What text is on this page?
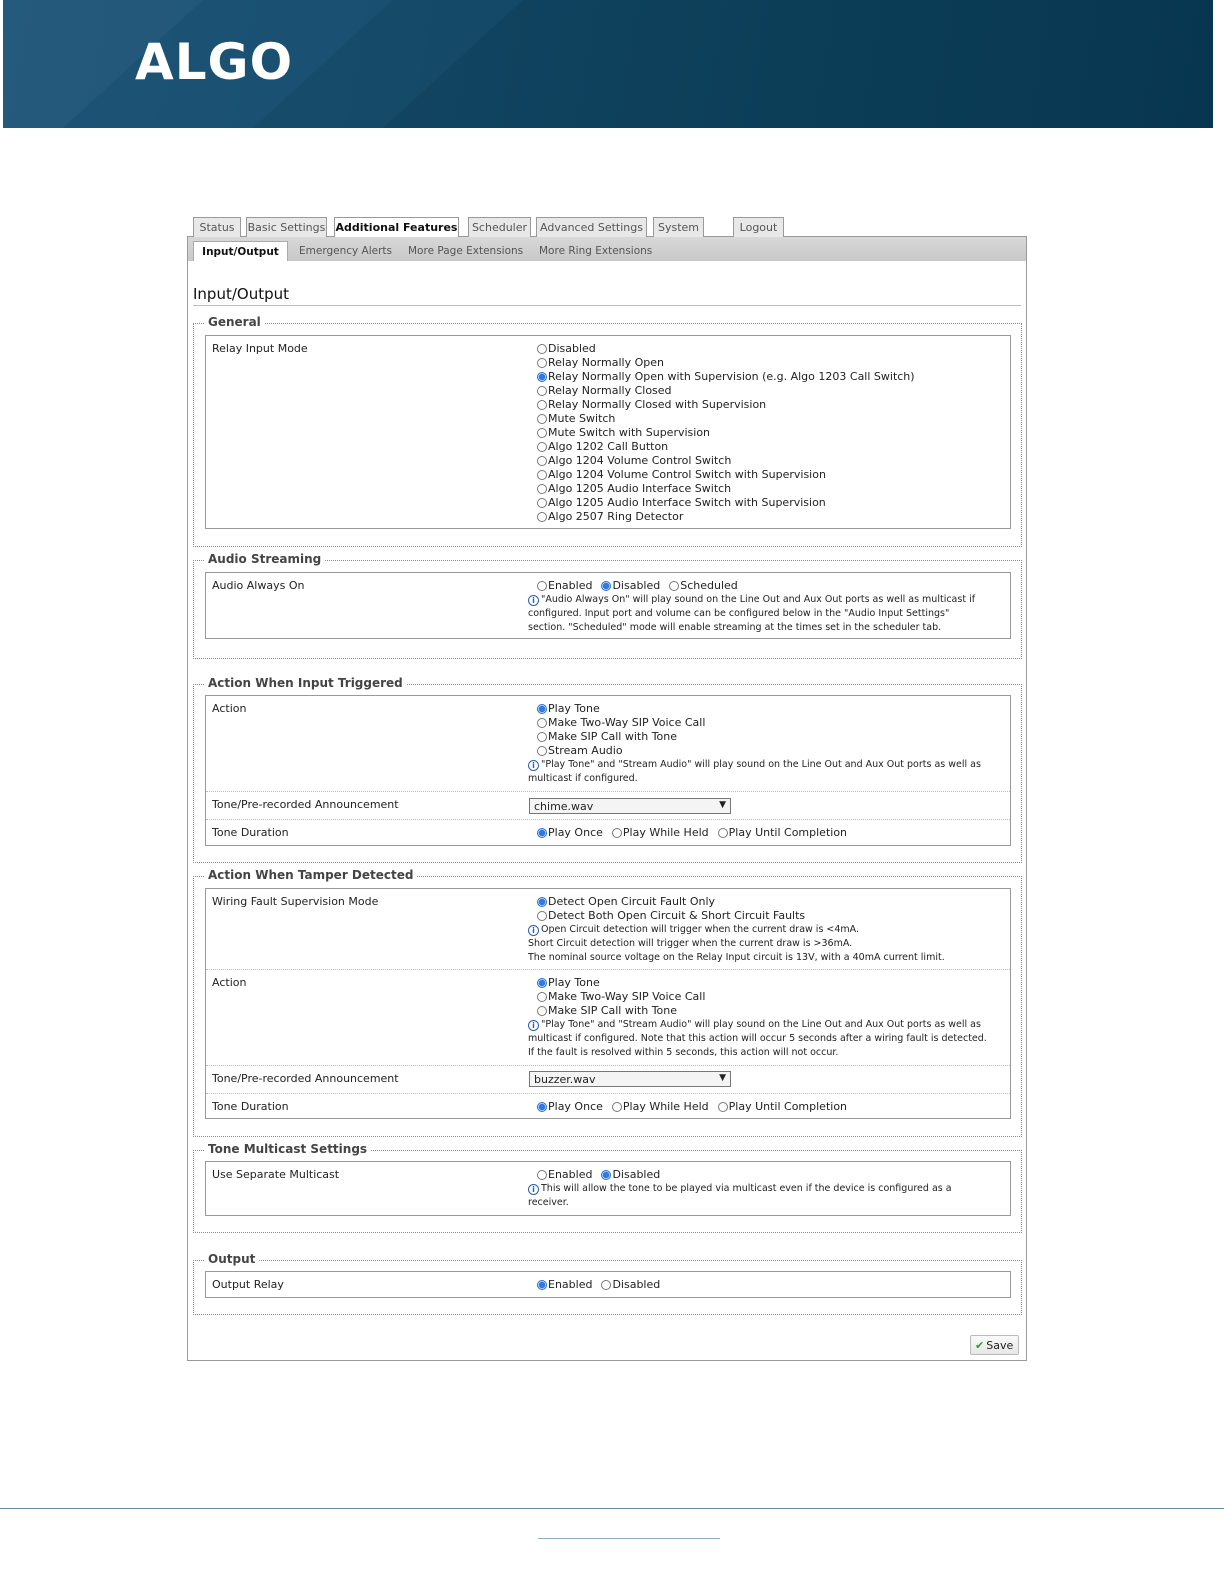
ALGO
Status	Basic Settings Additional Features	Scheduler	Advanced Settings	System	Logout
Input/Output	Emergency Alerts More Page Extensions More Ring Extensions
Input/Output
General
Relay Input Mode	Disabled
Relay Normally Open
Relay Normally Open with Supervision (e.g. Algo 1203 Call Switch)
Relay Normally Closed
Relay Normally Closed with Supervision
Mute Switch
Mute Switch with Supervision
Algo 1202 Call Button
Algo 1204 Volume Control Switch
Algo 1204 Volume Control Switch with Supervision
Algo 1205 Audio Interface Switch
Algo 1205 Audio Interface Switch with Supervision
Algo 2507 Ring Detector
Audio Streaming
Audio Always On	Enabled Disabled Scheduled
i "Audio Always On" will play sound on the Line Out and Aux Out ports as well as multicast if
configured. Input port and volume can be configured below in the "Audio Input Settings"
section. "Scheduled" mode will enable streaming at the times set in the scheduler tab.
Action When Input Triggered
Action	Play Tone
Make Two-Way SIP Voice Call
Make SIP Call with Tone
Stream Audio
i "Play Tone" and "Stream Audio" will play sound on the Line Out and Aux Out ports as well as
multicast if configured.
Tone/Pre-recorded Announcement	chime.wav	▼
Tone Duration	Play Once Play While Held Play Until Completion
Action When Tamper Detected
Wiring Fault Supervision Mode	Detect Open Circuit Fault Only
Detect Both Open Circuit & Short Circuit Faults
i Open Circuit detection will trigger when the current draw is <4mA.
Short Circuit detection will trigger when the current draw is >36mA.
The nominal source voltage on the Relay Input circuit is 13V, with a 40mA current limit.
Action	Play Tone
Make Two-Way SIP Voice Call
Make SIP Call with Tone
i "Play Tone" and "Stream Audio" will play sound on the Line Out and Aux Out ports as well as
multicast if configured. Note that this action will occur 5 seconds after a wiring fault is detected.
If the fault is resolved within 5 seconds, this action will not occur.
Tone/Pre-recorded Announcement	buzzer.wav	▼
Tone Duration	Play Once Play While Held Play Until Completion
Tone Multicast Settings
Use Separate Multicast	Enabled Disabled
i This will allow the tone to be played via multicast even if the device is configured as a
receiver.
Output
Output Relay	Enabled Disabled
✔ Save
